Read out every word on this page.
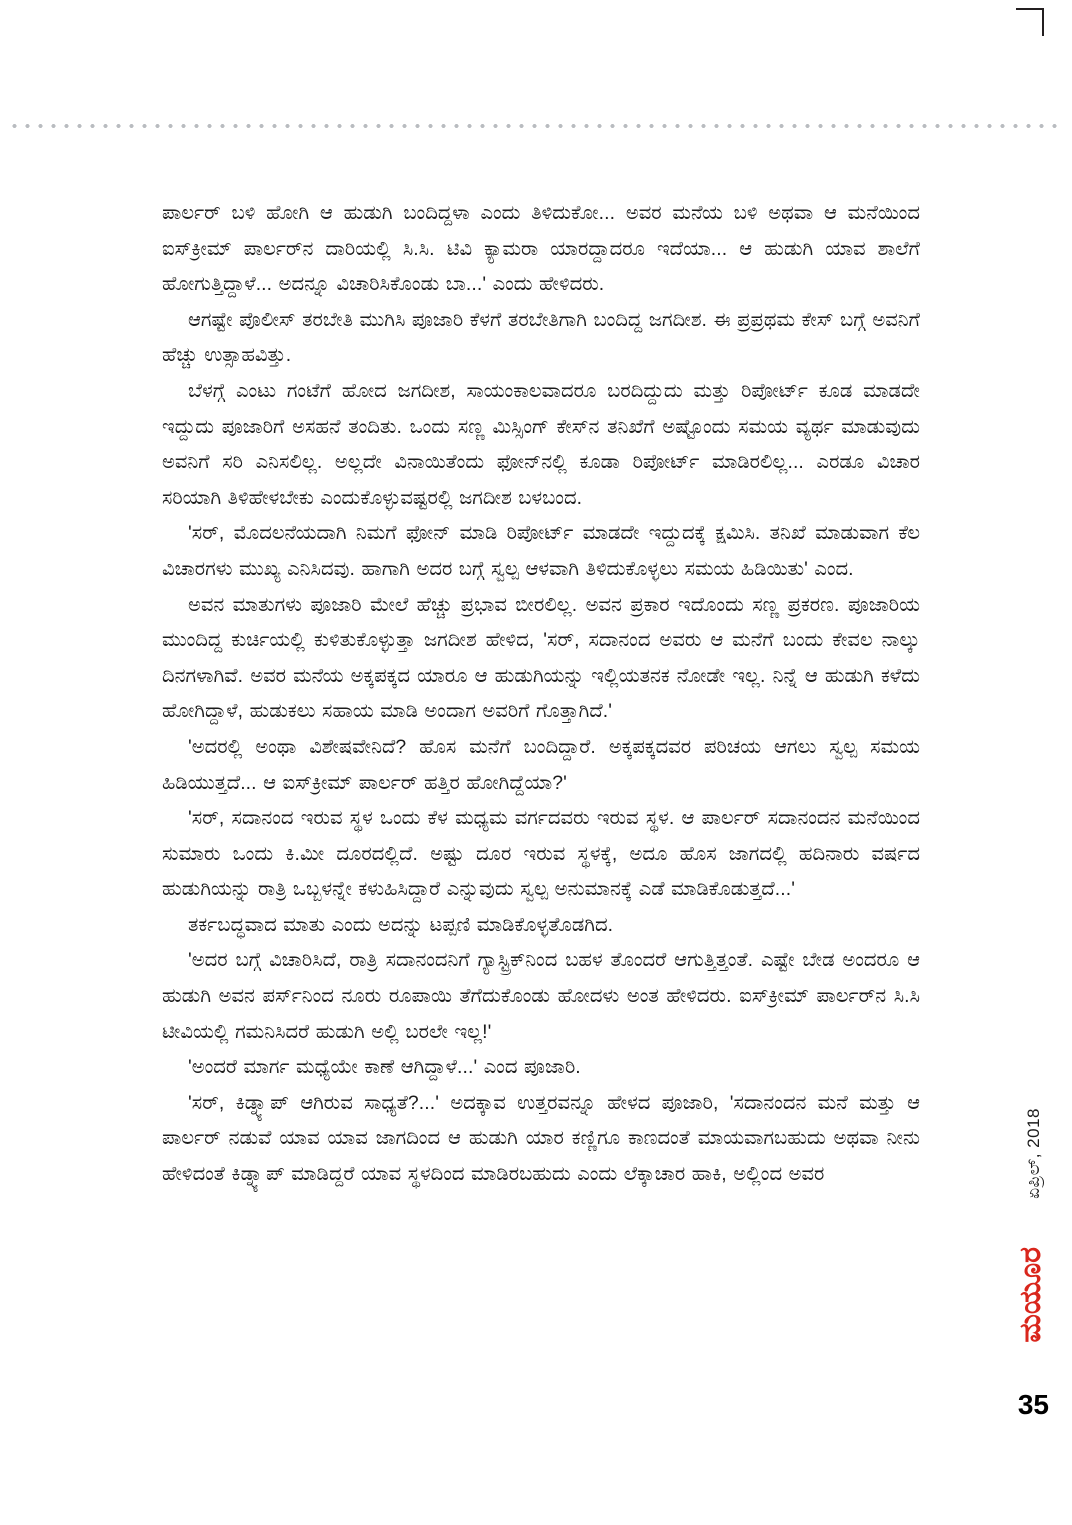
ಪಾರ್ಲರ್ ಬಳಿ ಹೋಗಿ ಆ ಹುಡುಗಿ ಬಂದಿದ್ದಳಾ ಎಂದು ತಿಳಿದುಕೋ... ಅವರ ಮನೆಯ ಬಳಿ ಅಥವಾ ಆ ಮನೆಯಿಂದ ಐಸ್‌ಕ್ರೀಮ್ ಪಾರ್ಲರ್‌ನ ದಾರಿಯಲ್ಲಿ ಸಿ.ಸಿ. ಟಿವಿ ಕ್ಯಾಮರಾ ಯಾರದ್ದಾದರೂ ಇದೆಯಾ... ಆ ಹುಡುಗಿ ಯಾವ ಶಾಲೆಗೆ ಹೋಗುತ್ತಿದ್ದಾಳೆ... ಅದನ್ನೂ ವಿಚಾರಿಸಿಕೊಂಡು ಬಾ...' ಎಂದು ಹೇಳಿದರು.

ಆಗಷ್ಟೇ ಪೊಲೀಸ್ ತರಬೇತಿ ಮುಗಿಸಿ ಪೂಜಾರಿ ಕೆಳಗೆ ತರಬೇತಿಗಾಗಿ ಬಂದಿದ್ದ ಜಗದೀಶ. ಈ ಪ್ರಪ್ರಥಮ ಕೇಸ್ ಬಗ್ಗೆ ಅವನಿಗೆ ಹೆಚ್ಚು ಉತ್ಸಾಹವಿತ್ತು.

ಬೆಳಗ್ಗೆ ಎಂಟು ಗಂಟೆಗೆ ಹೋದ ಜಗದೀಶ, ಸಾಯಂಕಾಲವಾದರೂ ಬರದಿದ್ದುದು ಮತ್ತು ರಿಪೋರ್ಟ್ ಕೂಡ ಮಾಡದೇ ಇದ್ದುದು ಪೂಜಾರಿಗೆ ಅಸಹನೆ ತಂದಿತು. ಒಂದು ಸಣ್ಣ ಮಿಸ್ಸಿಂಗ್ ಕೇಸ್‌ನ ತನಿಖೆಗೆ ಅಷ್ಟೊಂದು ಸಮಯ ವ್ಯರ್ಥ ಮಾಡುವುದು ಅವನಿಗೆ ಸರಿ ಎನಿಸಲಿಲ್ಲ. ಅಲ್ಲದೇ ವಿನಾಯಿತೆಂದು ಫೋನ್‌ನಲ್ಲಿ ಕೂಡಾ ರಿಪೋರ್ಟ್ ಮಾಡಿರಲಿಲ್ಲ... ಎರಡೂ ವಿಚಾರ ಸರಿಯಾಗಿ ತಿಳಿಹೇಳಬೇಕು ಎಂದುಕೊಳ್ಳುವಷ್ಟರಲ್ಲಿ ಜಗದೀಶ ಬಳಬಂದ.

'ಸರ್, ಮೊದಲನೆಯದಾಗಿ ನಿಮಗೆ ಫೋನ್ ಮಾಡಿ ರಿಪೋರ್ಟ್ ಮಾಡದೇ ಇದ್ದುದಕ್ಕೆ ಕ್ಷಮಿಸಿ. ತನಿಖೆ ಮಾಡುವಾಗ ಕೆಲ ವಿಚಾರಗಳು ಮುಖ್ಯ ಎನಿಸಿದವು. ಹಾಗಾಗಿ ಅದರ ಬಗ್ಗೆ ಸ್ವಲ್ಪ ಆಳವಾಗಿ ತಿಳಿದುಕೊಳ್ಳಲು ಸಮಯ ಹಿಡಿಯಿತು' ಎಂದ.

ಅವನ ಮಾತುಗಳು ಪೂಜಾರಿ ಮೇಲೆ ಹೆಚ್ಚು ಪ್ರಭಾವ ಬೀರಲಿಲ್ಲ. ಅವನ ಪ್ರಕಾರ ಇದೊಂದು ಸಣ್ಣ ಪ್ರಕರಣ. ಪೂಜಾರಿಯ ಮುಂದಿದ್ದ ಕುರ್ಚಿಯಲ್ಲಿ ಕುಳಿತುಕೊಳ್ಳುತ್ತಾ ಜಗದೀಶ ಹೇಳಿದ, 'ಸರ್, ಸದಾನಂದ ಅವರು ಆ ಮನೆಗೆ ಬಂದು ಕೇವಲ ನಾಲ್ಕು ದಿನಗಳಾಗಿವೆ. ಅವರ ಮನೆಯ ಅಕ್ಕಪಕ್ಕದ ಯಾರೂ ಆ ಹುಡುಗಿಯನ್ನು ಇಲ್ಲಿಯತನಕ ನೋಡೇ ಇಲ್ಲ. ನಿನ್ನೆ ಆ ಹುಡುಗಿ ಕಳೆದು ಹೋಗಿದ್ದಾಳೆ, ಹುಡುಕಲು ಸಹಾಯ ಮಾಡಿ ಅಂದಾಗ ಅವರಿಗೆ ಗೊತ್ತಾಗಿದೆ.'

'ಅದರಲ್ಲಿ ಅಂಥಾ ವಿಶೇಷವೇನಿದೆ? ಹೊಸ ಮನೆಗೆ ಬಂದಿದ್ದಾರೆ. ಅಕ್ಕಪಕ್ಕದವರ ಪರಿಚಯ ಆಗಲು ಸ್ವಲ್ಪ ಸಮಯ ಹಿಡಿಯುತ್ತದೆ... ಆ ಐಸ್‌ಕ್ರೀಮ್ ಪಾರ್ಲರ್ ಹತ್ತಿರ ಹೋಗಿದ್ದೆಯಾ?'

'ಸರ್, ಸದಾನಂದ ಇರುವ ಸ್ಥಳ ಒಂದು ಕೆಳ ಮಧ್ಯಮ ವರ್ಗದವರು ಇರುವ ಸ್ಥಳ. ಆ ಪಾರ್ಲರ್ ಸದಾನಂದನ ಮನೆಯಿಂದ ಸುಮಾರು ಒಂದು ಕಿ.ಮೀ ದೂರದಲ್ಲಿದೆ. ಅಷ್ಟು ದೂರ ಇರುವ ಸ್ಥಳಕ್ಕೆ, ಅದೂ ಹೊಸ ಜಾಗದಲ್ಲಿ ಹದಿನಾರು ವರ್ಷದ ಹುಡುಗಿಯನ್ನು ರಾತ್ರಿ ಒಬ್ಬಳನ್ನೇ ಕಳುಹಿಸಿದ್ದಾರೆ ಎನ್ನುವುದು ಸ್ವಲ್ಪ ಅನುಮಾನಕ್ಕೆ ಎಡೆ ಮಾಡಿಕೊಡುತ್ತದೆ...'

ತರ್ಕಬದ್ಧವಾದ ಮಾತು ಎಂದು ಅದನ್ನು ಟಪ್ಪಣಿ ಮಾಡಿಕೊಳ್ಳತೊಡಗಿದ.

'ಅದರ ಬಗ್ಗೆ ವಿಚಾರಿಸಿದೆ, ರಾತ್ರಿ ಸದಾನಂದನಿಗೆ ಗ್ಯಾಸ್ಟ್ರಿಕ್‌ನಿಂದ ಬಹಳ ತೊಂದರೆ ಆಗುತ್ತಿತ್ತಂತೆ. ಎಷ್ಟೇ ಬೇಡ ಅಂದರೂ ಆ ಹುಡುಗಿ ಅವನ ಪರ್ಸ್‌ನಿಂದ ನೂರು ರೂಪಾಯಿ ತೆಗೆದುಕೊಂಡು ಹೋದಳು ಅಂತ ಹೇಳಿದರು. ಐಸ್‌ಕ್ರೀಮ್ ಪಾರ್ಲರ್‌ನ ಸಿ.ಸಿ ಟೀವಿಯಲ್ಲಿ ಗಮನಿಸಿದರೆ ಹುಡುಗಿ ಅಲ್ಲಿ ಬರಲೇ ಇಲ್ಲ!'

'ಅಂದರೆ ಮಾರ್ಗ ಮಧ್ಯೆಯೇ ಕಾಣೆ ಆಗಿದ್ದಾಳೆ...' ಎಂದ ಪೂಜಾರಿ.

'ಸರ್, ಕಿಡ್ನ್ಯಾಪ್ ಆಗಿರುವ ಸಾಧ್ಯತೆ?...' ಅದಕ್ಕಾವ ಉತ್ತರವನ್ನೂ ಹೇಳದ ಪೂಜಾರಿ, 'ಸದಾನಂದನ ಮನೆ ಮತ್ತು ಆ ಪಾರ್ಲರ್ ನಡುವೆ ಯಾವ ಯಾವ ಜಾಗದಿಂದ ಆ ಹುಡುಗಿ ಯಾರ ಕಣ್ಣಿಗೂ ಕಾಣದಂತೆ ಮಾಯವಾಗಬಹುದು ಅಥವಾ ನೀನು ಹೇಳಿದಂತೆ ಕಿಡ್ನ್ಯಾಪ್ ಮಾಡಿದ್ದರೆ ಯಾವ ಸ್ಥಳದಿಂದ ಮಾಡಿರಬಹುದು ಎಂದು ಲೆಕ್ಕಾಚಾರ ಹಾಕಿ, ಅಲ್ಲಿಂದ ಅವರ	ಏಪ್ರಿಲ್, 2018
ಮಯೂರ
35
